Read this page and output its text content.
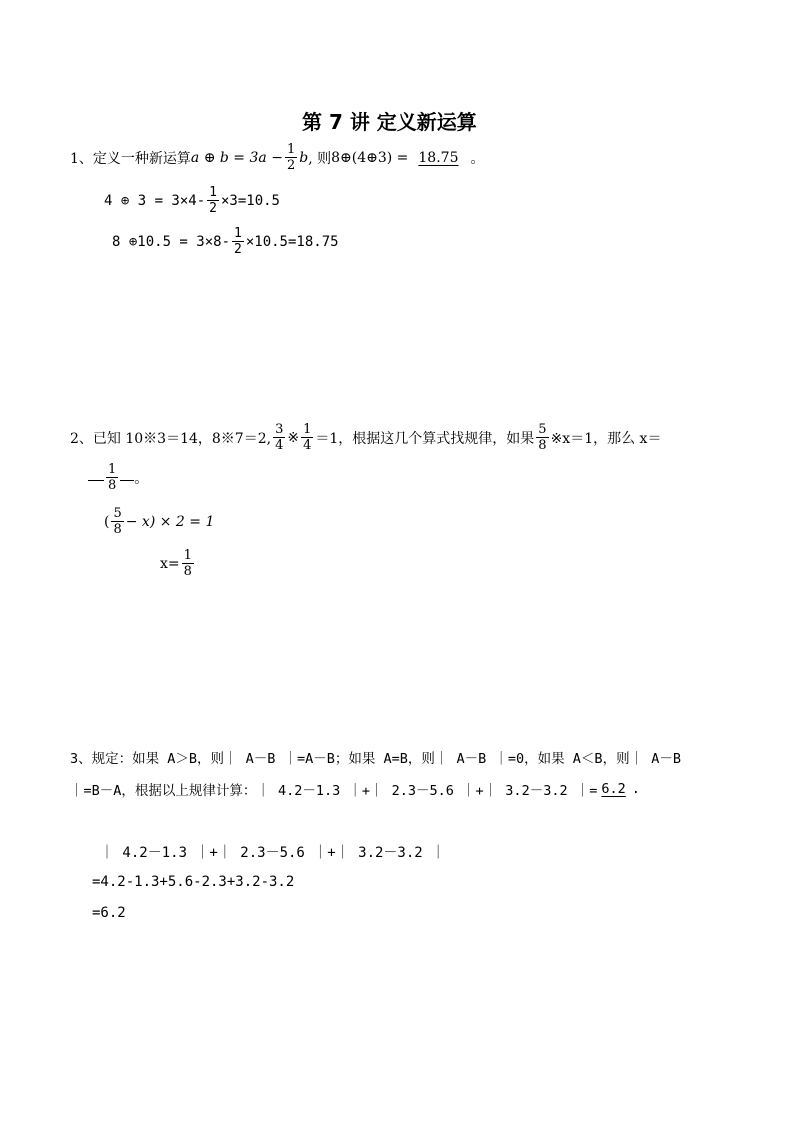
第 7 讲 定义新运算
1、定义一种新运算 a ⊕ $b = 3a - \frac{1}{2}$ b , 则 8⊕(4⊕3) = 18.75 。
4 ⊕ $3 = 3\times 4- \frac{1}{2} \times 3=10.5$
8 ⊕10.5 = $3\times 8- \frac{1}{2} \times 10.5=18.75$
2、已知 10※3＝14，8※7＝2, $\frac{3}{4}$ ※ $\frac{1}{4} =1$，根据这几个算式找规律，如果 $\frac{5}{8}$ ※x＝1，那么 x＝
$\frac{1}{8}$ 。
( $\frac{5}{8} - x) \times 2 = 1$
$x= \frac{1}{8}$
3、规定：如果 A＞B，则｜ A－B ｜=A－B；如果 A=B，则｜ A－B ｜=0，如果 A＜B，则｜ A－B
｜=B－A，根据以上规律计算：｜ 4.2－1.3 ｜+｜ 2.3－5.6 ｜+｜ 3.2－3.2 ｜= 6.2 .
｜ 4.2－1.3 ｜+｜ 2.3－5.6 ｜+｜ 3.2－3.2 ｜
=4.2-1.3+5.6-2.3+3.2-3.2
=6.2
